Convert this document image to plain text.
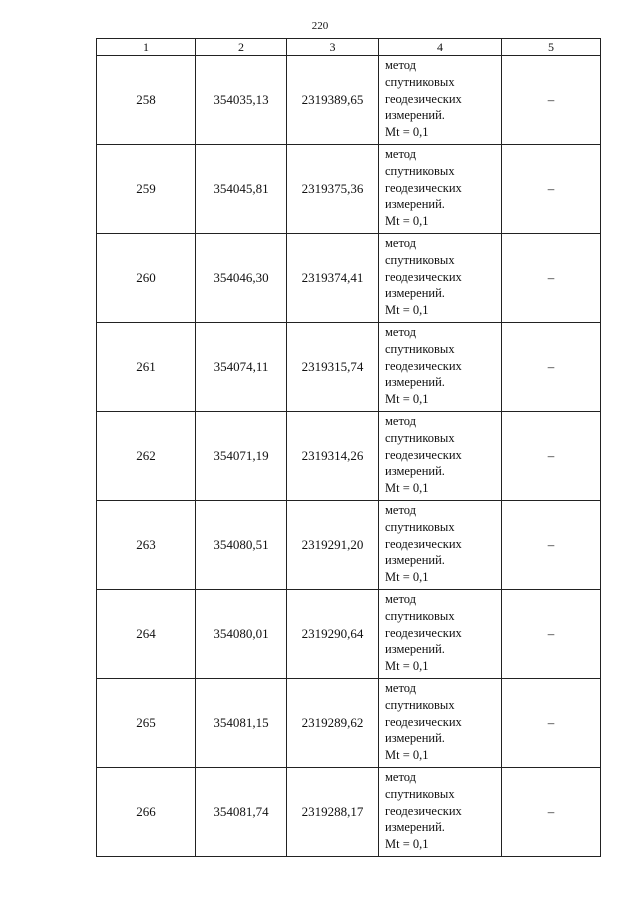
220
1	2	3	4	5
258	354035,13	2319389,65	метод
спутниковых
геодезических
измерений.
Mt = 0,1	–
259	354045,81	2319375,36	метод
спутниковых
геодезических
измерений.
Mt = 0,1	–
260	354046,30	2319374,41	метод
спутниковых
геодезических
измерений.
Mt = 0,1	–
261	354074,11	2319315,74	метод
спутниковых
геодезических
измерений.
Mt = 0,1	–
262	354071,19	2319314,26	метод
спутниковых
геодезических
измерений.
Mt = 0,1	–
263	354080,51	2319291,20	метод
спутниковых
геодезических
измерений.
Mt = 0,1	–
264	354080,01	2319290,64	метод
спутниковых
геодезических
измерений.
Mt = 0,1	–
265	354081,15	2319289,62	метод
спутниковых
геодезических
измерений.
Mt = 0,1	–
266	354081,74	2319288,17	метод
спутниковых
геодезических
измерений.
Mt = 0,1	–
